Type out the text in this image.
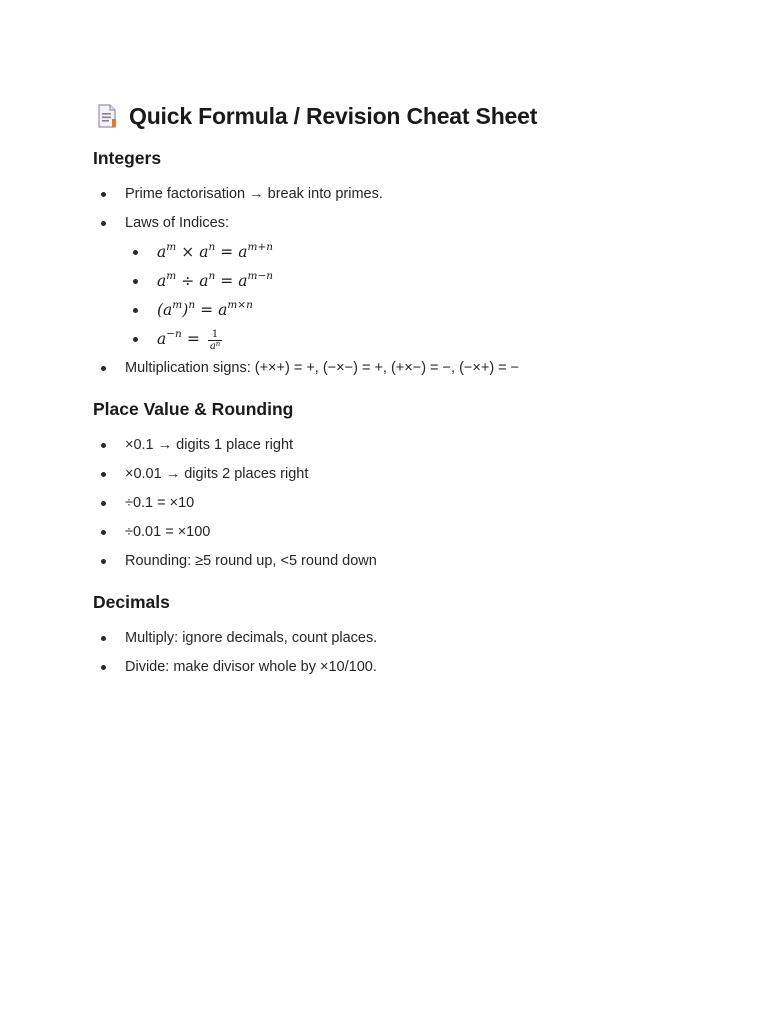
Quick Formula / Revision Cheat Sheet
Integers
Prime factorisation → break into primes.
Laws of Indices:
$a^m \times a^n = a^{m+n}$
$a^m \div a^n = a^{m-n}$
$(a^m)^n = a^{m\times n}$
$a^{-n} = \frac{1}{a^n}$
Multiplication signs: (+×+) = +, (−×−) = +, (+×−) = −, (−×+) = −
Place Value & Rounding
×0.1 → digits 1 place right
×0.01 → digits 2 places right
÷0.1 = ×10
÷0.01 = ×100
Rounding: ≥5 round up, <5 round down
Decimals
Multiply: ignore decimals, count places.
Divide: make divisor whole by ×10/100.
